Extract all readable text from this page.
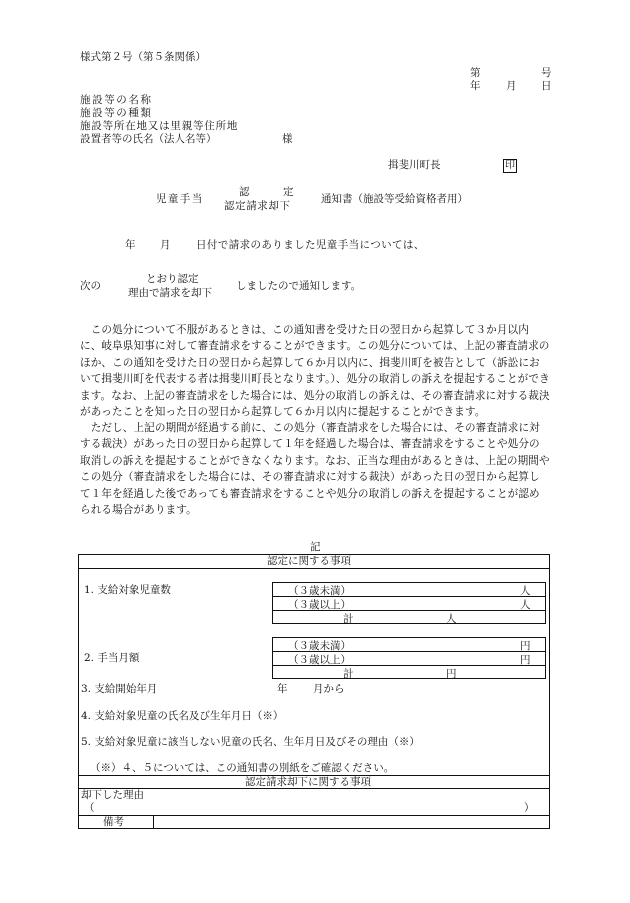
様式第２号（第５条関係）
第	号
年 月 日
施設等の名称
施設等の種類
施設等所在地又は里親等住所地
設置者等の氏名（法人名等）	様
揖斐川町長	印
児童手当
認	定
認定請求却下
通知書（施設等受給資格者用）
年 月 日付で請求のありました児童手当については、
次の
とおり認定
理由で請求を却下
しましたので通知します。
　この処分について不服があるときは、この通知書を受けた日の翌日から起算して３か月以内に、岐阜県知事に対して審査請求をすることができます。この処分については、上記の審査請求のほか、この通知を受けた日の翌日から起算して６か月以内に、揖斐川町を被告として（訴訟において揖斐川町を代表する者は揖斐川町長となります。）、処分の取消しの訴えを提起することができます。なお、上記の審査請求をした場合には、処分の取消しの訴えは、その審査請求に対する裁決があったことを知った日の翌日から起算して６か月以内に提起することができます。
　ただし、上記の期間が経過する前に、この処分（審査請求をした場合には、その審査請求に対する裁決）があった日の翌日から起算して１年を経過した場合は、審査請求をすることや処分の取消しの訴えを提起することができなくなります。なお、正当な理由があるときは、上記の期間やこの処分（審査請求をした場合には、その審査請求に対する裁決）があった日の翌日から起算して１年を経過した後であっても審査請求をすることや処分の取消しの訴えを提起することが認められる場合があります。
記
認定に関する事項
1. 支給対象児童数	（３歳未満）	人
（３歳以上）	人
計	人
2. 手当月額
（３歳未満）	円
（３歳以上）	円
計	円
3. 支給開始年月	年 月から
4. 支給対象児童の氏名及び生年月日（※）
5. 支給対象児童に該当しない児童の氏名、生年月日及びその理由（※）
（※）４、５については、この通知書の別紙をご確認ください。
認定請求却下に関する事項
却下した理由
（	）
備考
